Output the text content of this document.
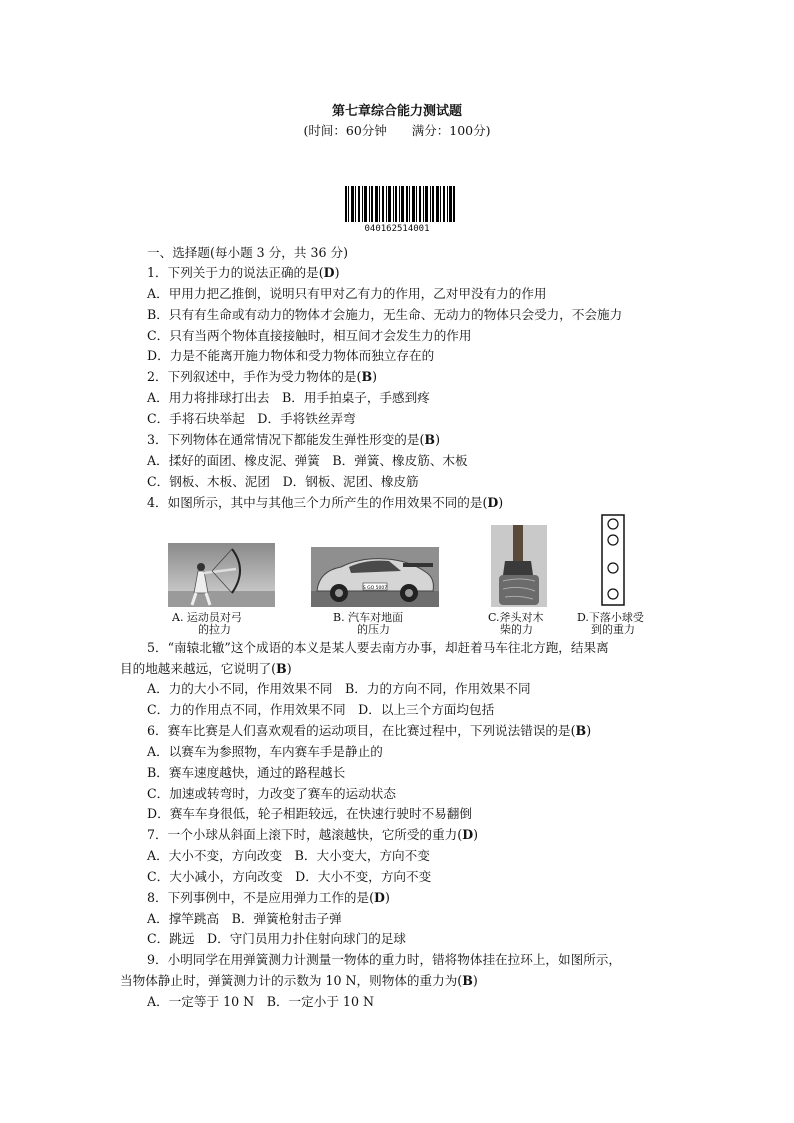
第七章综合能力测试题
(时间：60分钟　　满分：100分)
040162514001
一、选择题(每小题 3 分，共 36 分)
1．下列关于力的说法正确的是(D)
A．甲用力把乙推倒，说明只有甲对乙有力的作用，乙对甲没有力的作用
B．只有有生命或有动力的物体才会施力，无生命、无动力的物体只会受力，不会施力
C．只有当两个物体直接接触时，相互间才会发生力的作用
D．力是不能离开施力物体和受力物体而独立存在的
2．下列叙述中，手作为受力物体的是(B)
A．用力将排球打出去　B．用手拍桌子，手感到疼
C．手将石块举起　D．手将铁丝弄弯
3．下列物体在通常情况下都能发生弹性形变的是(B)
A．揉好的面团、橡皮泥、弹簧　B．弹簧、橡皮筋、木板
C．钢板、木板、泥团　D．钢板、泥团、橡皮筋
4．如图所示，其中与其他三个力所产生的作用效果不同的是(D)
A. 运动员对弓
的拉力
S GO 5007
B. 汽车对地面
的压力
C.斧头对木
柴的力
D.下落小球受
到的重力
5．“南辕北辙”这个成语的本义是某人要去南方办事，却赶着马车往北方跑，结果离
目的地越来越远，它说明了(B)
A．力的大小不同，作用效果不同　B．力的方向不同，作用效果不同
C．力的作用点不同，作用效果不同　D．以上三个方面均包括
6．赛车比赛是人们喜欢观看的运动项目，在比赛过程中，下列说法错误的是(B)
A．以赛车为参照物，车内赛车手是静止的
B．赛车速度越快，通过的路程越长
C．加速或转弯时，力改变了赛车的运动状态
D．赛车车身很低，轮子相距较远，在快速行驶时不易翻倒
7．一个小球从斜面上滚下时，越滚越快，它所受的重力(D)
A．大小不变，方向改变　B．大小变大，方向不变
C．大小减小，方向改变　D．大小不变，方向不变
8．下列事例中，不是应用弹力工作的是(D)
A．撑竿跳高　B．弹簧枪射击子弹
C．跳远　D．守门员用力扑住射向球门的足球
9．小明同学在用弹簧测力计测量一物体的重力时，错将物体挂在拉环上，如图所示，
当物体静止时，弹簧测力计的示数为 10 N，则物体的重力为(B)
A．一定等于 10 N　B．一定小于 10 N
